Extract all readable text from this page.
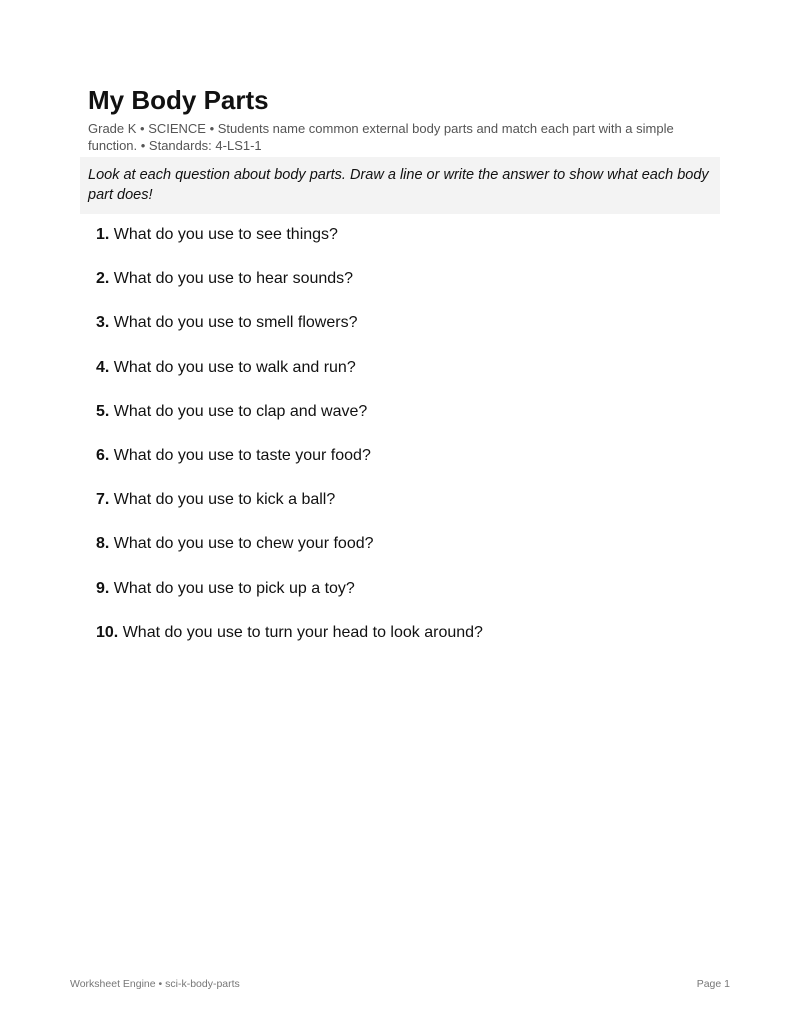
My Body Parts

Grade K • SCIENCE • Students name common external body parts and match each part with a simple function. • Standards: 4-LS1-1

Look at each question about body parts. Draw a line or write the answer to show what each body part does!
1. What do you use to see things?
2. What do you use to hear sounds?
3. What do you use to smell flowers?
4. What do you use to walk and run?
5. What do you use to clap and wave?
6. What do you use to taste your food?
7. What do you use to kick a ball?
8. What do you use to chew your food?
9. What do you use to pick up a toy?
10. What do you use to turn your head to look around?
Worksheet Engine • sci-k-body-parts	Page 1
